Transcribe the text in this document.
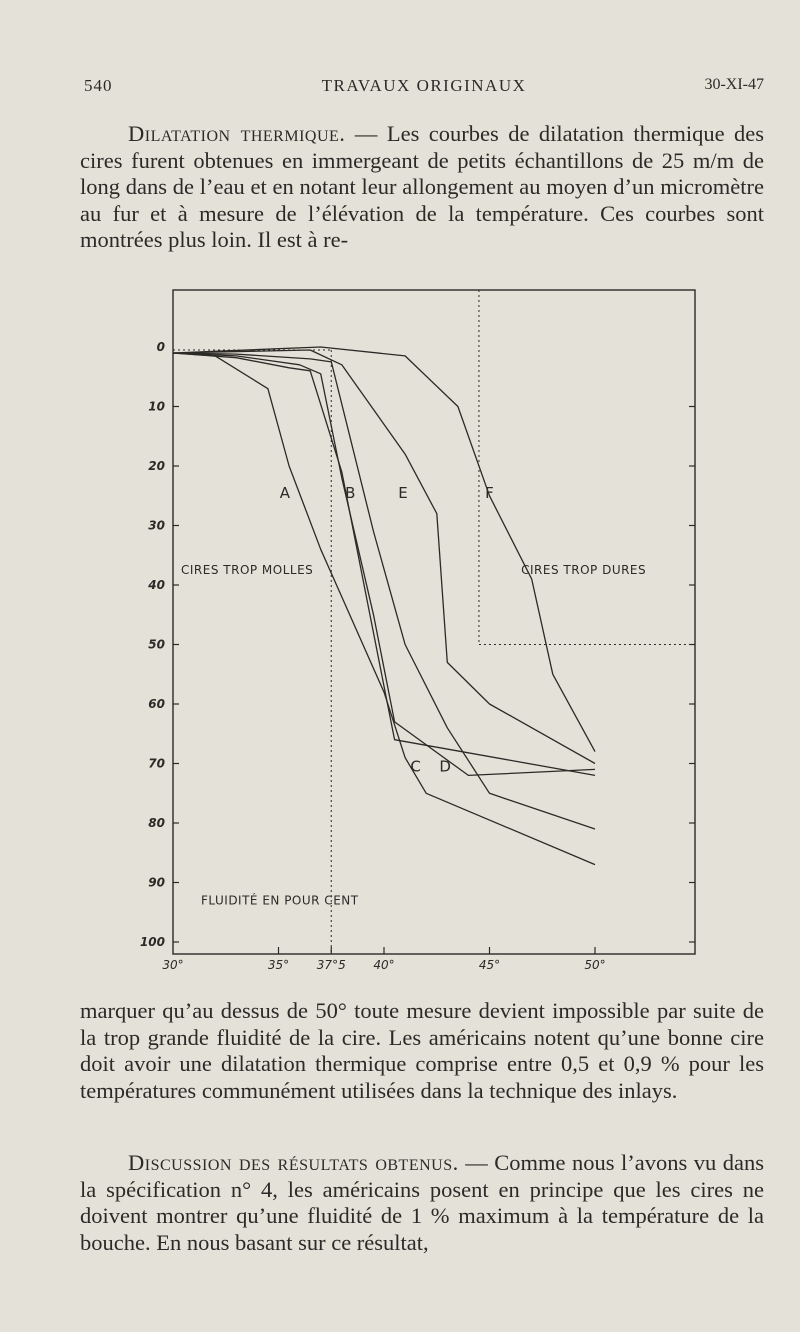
540	TRAVAUX ORIGINAUX	30-XI-47

Dilatation thermique. — Les courbes de dilatation thermique des cires furent obtenues en immergeant de petits échantillons de 25 m/m de long dans de l’eau et en notant leur allongement au moyen d’un micromètre au fur et à mesure de l’élévation de la température. Ces courbes sont montrées plus loin. Il est à re-

0
10
20
30
40
50
60
70
80
90
100
30°	35° 37°5 40°	45°	50°
A	B
C D
E	F
CIRES TROP MOLLES	CIRES TROP DURES
FLUIDITÉ EN POUR CENT

marquer qu’au dessus de 50° toute mesure devient impossible par suite de la trop grande fluidité de la cire. Les américains notent qu’une bonne cire doit avoir une dilatation thermique comprise entre 0,5 et 0,9 % pour les températures communément utilisées dans la technique des inlays.

Discussion des résultats obtenus. — Comme nous l’avons vu dans la spécification n° 4, les américains posent en principe que les cires ne doivent montrer qu’une fluidité de 1 % maximum à la température de la bouche. En nous basant sur ce résultat,
